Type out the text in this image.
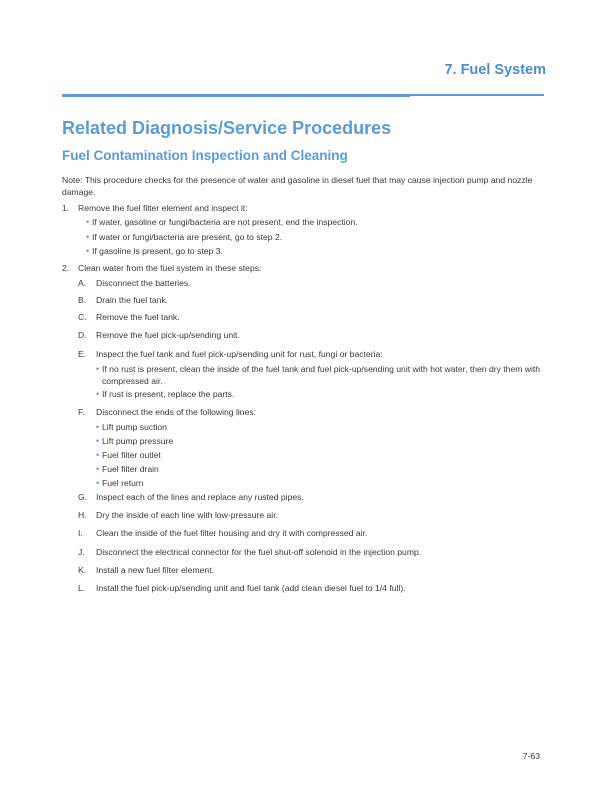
7. Fuel System
Related Diagnosis/Service Procedures
Fuel Contamination Inspection and Cleaning

Note: This procedure checks for the presence of water and gasoline in diesel fuel that may cause injection pump and nozzle damage.

1. Remove the fuel filter element and inspect it:
• If water, gasoline or fungi/bacteria are not present, end the inspection.
• If water or fungi/bacteria are present, go to step 2.
• If gasoline is present, go to step 3.
2. Clean water from the fuel system in these steps:
A. Disconnect the batteries.
B. Drain the fuel tank.
C. Remove the fuel tank.
D. Remove the fuel pick-up/sending unit.
E. Inspect the fuel tank and fuel pick-up/sending unit for rust, fungi or bacteria:
• If no rust is present, clean the inside of the fuel tank and fuel pick-up/sending unit with hot water, then dry them with compressed air.
• If rust is present, replace the parts.
F. Disconnect the ends of the following lines:
• Lift pump suction
• Lift pump pressure
• Fuel filter outlet
• Fuel filter drain
• Fuel return
G. Inspect each of the lines and replace any rusted pipes.
H. Dry the inside of each line with low-pressure air.
I. Clean the inside of the fuel filter housing and dry it with compressed air.
J. Disconnect the electrical connector for the fuel shut-off solenoid in the injection pump.
K. Install a new fuel filter element.
L. Install the fuel pick-up/sending unit and fuel tank (add clean diesel fuel to 1/4 full).
7-63
